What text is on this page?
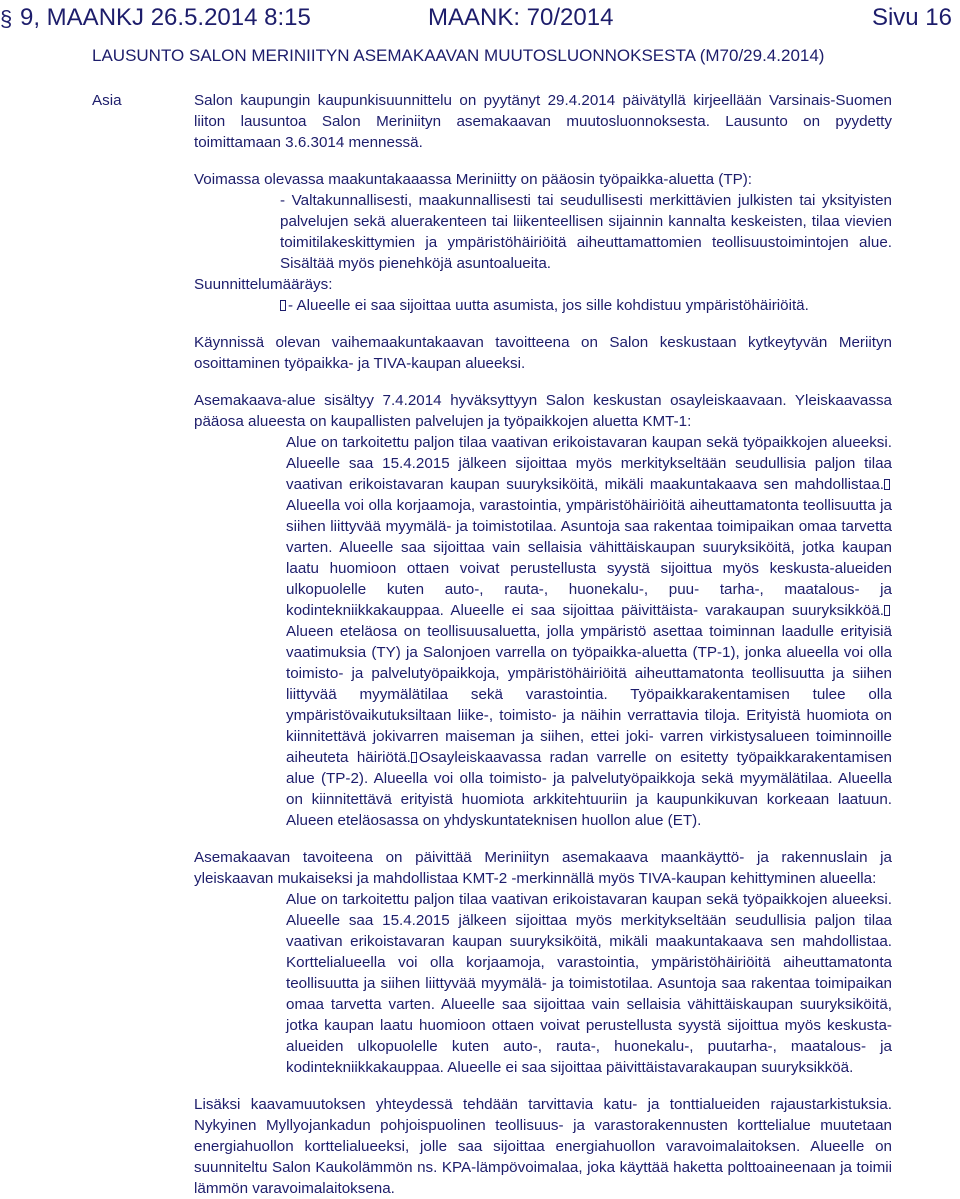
§ 9, MAANKJ 26.5.2014 8:15	MAANK: 70/2014	Sivu 16
LAUSUNTO SALON MERINIITYN ASEMAKAAVAN MUUTOSLUONNOKSESTA (M70/29.4.2014)
Asia	Salon kaupungin kaupunkisuunnittelu on pyytänyt 29.4.2014 päivätyllä kirjeellään Varsinais-Suomen liiton lausuntoa Salon Meriniityn asemakaavan muutosluonnoksesta. Lausunto on pyydetty toimittamaan 3.6.3014 mennessä.

Voimassa olevassa maakuntakaaassa Meriniitty on pääosin työpaikka-aluetta (TP):

- Valtakunnallisesti, maakunnallisesti tai seudullisesti merkittävien julkisten tai yksityisten palvelujen sekä aluerakenteen tai liikenteellisen sijainnin kannalta keskeisten, tilaa vievien toimitilakeskittymien ja ympäristöhäiriöitä aiheuttamattomien teollisuustoimintojen alue. Sisältää myös pienehköjä asuntoalueita.

Suunnittelumääräys:

- Alueelle ei saa sijoittaa uutta asumista, jos sille kohdistuu ympäristöhäiriöitä.

Käynnissä olevan vaihemaakuntakaavan tavoitteena on Salon keskustaan kytkeytyvän Meriityn osoittaminen työpaikka- ja TIVA-kaupan alueeksi.

Asemakaava-alue sisältyy 7.4.2014 hyväksyttyyn Salon keskustan osayleiskaavaan. Yleiskaavassa pääosa alueesta on kaupallisten palvelujen ja työpaikkojen aluetta KMT-1:

Alue on tarkoitettu paljon tilaa vaativan erikoistavaran kaupan sekä työpaikkojen alueeksi. Alueelle saa 15.4.2015 jälkeen sijoittaa myös merkitykseltään seudullisia paljon tilaa vaativan erikoistavaran kaupan suuryksiköitä, mikäli maakuntakaava sen mahdollistaa.Alueella voi olla korjaamoja, varastointia, ympäristöhäiriöitä aiheuttamatonta teollisuutta ja siihen liittyvää myymälä- ja toimistotilaa. Asuntoja saa rakentaa toimipaikan omaa tarvetta varten. Alueelle saa sijoittaa vain sellaisia vähittäiskaupan suuryksiköitä, jotka kaupan laatu huomioon ottaen voivat perustellusta syystä sijoittua myös keskusta-alueiden ulkopuolelle kuten auto-, rauta-, huonekalu-, puu- tarha-, maatalous- ja kodintekniikkakauppaa. Alueelle ei saa sijoittaa päivittäista- varakaupan suuryksikköä.Alueen eteläosa on teollisuusaluetta, jolla ympäristö asettaa toiminnan laadulle erityisiä vaatimuksia (TY) ja Salonjoen varrella on työpaikka-aluetta (TP-1), jonka alueella voi olla toimisto- ja palvelutyöpaikkoja, ympäristöhäiriöitä aiheuttamatonta teollisuutta ja siihen liittyvää myymälätilaa sekä varastointia. Työpaikkarakentamisen tulee olla ympäristövaikutuksiltaan liike-, toimisto- ja näihin verrattavia tiloja. Erityistä huomiota on kiinnitettävä jokivarren maiseman ja siihen, ettei joki- varren virkistysalueen toiminnoille aiheuteta häiriötä. Osayleiskaavassa radan varrelle on esitetty työpaikkarakentamisen alue (TP-2). Alueella voi olla toimisto- ja palvelutyöpaikkoja sekä myymälätilaa. Alueella on kiinnitettävä erityistä huomiota arkkitehtuuriin ja kaupunkikuvan korkeaan laatuun. Alueen eteläosassa on yhdyskuntateknisen huollon alue (ET).

Asemakaavan tavoiteena on päivittää Meriniityn asemakaava maankäyttö- ja rakennuslain ja yleiskaavan mukaiseksi ja mahdollistaa KMT-2 -merkinnällä myös TIVA-kaupan kehittyminen alueella:

Alue on tarkoitettu paljon tilaa vaativan erikoistavaran kaupan sekä työpaikkojen alueeksi. Alueelle saa 15.4.2015 jälkeen sijoittaa myös merkitykseltään seudullisia paljon tilaa vaativan erikoistavaran kaupan suuryksiköitä, mikäli maakuntakaava sen mahdollistaa. Korttelialueella voi olla korjaamoja, varastointia, ympäristöhäiriöitä aiheuttamatonta teollisuutta ja siihen liittyvää myymälä- ja toimistotilaa. Asuntoja saa rakentaa toimipaikan omaa tarvetta varten. Alueelle saa sijoittaa vain sellaisia vähittäiskaupan suuryksiköitä, jotka kaupan laatu huomioon ottaen voivat perustellusta syystä sijoittua myös keskusta-alueiden ulkopuolelle kuten auto-, rauta-, huonekalu-, puutarha-, maatalous- ja kodintekniikkakauppaa. Alueelle ei saa sijoittaa päivittäistavarakaupan suuryksikköä.

Lisäksi kaavamuutoksen yhteydessä tehdään tarvittavia katu- ja tonttialueiden rajaustarkistuksia. Nykyinen Myllyojankadun pohjoispuolinen teollisuus- ja varastorakennusten korttelialue muutetaan energiahuollon korttelialueeksi, jolle saa sijoittaa energiahuollon varavoimalaitoksen. Alueelle on suunniteltu Salon Kaukolämmön ns. KPA-lämpövoimalaa, joka käyttää haketta polttoaineenaan ja toimii lämmön varavoimalaitoksena.
